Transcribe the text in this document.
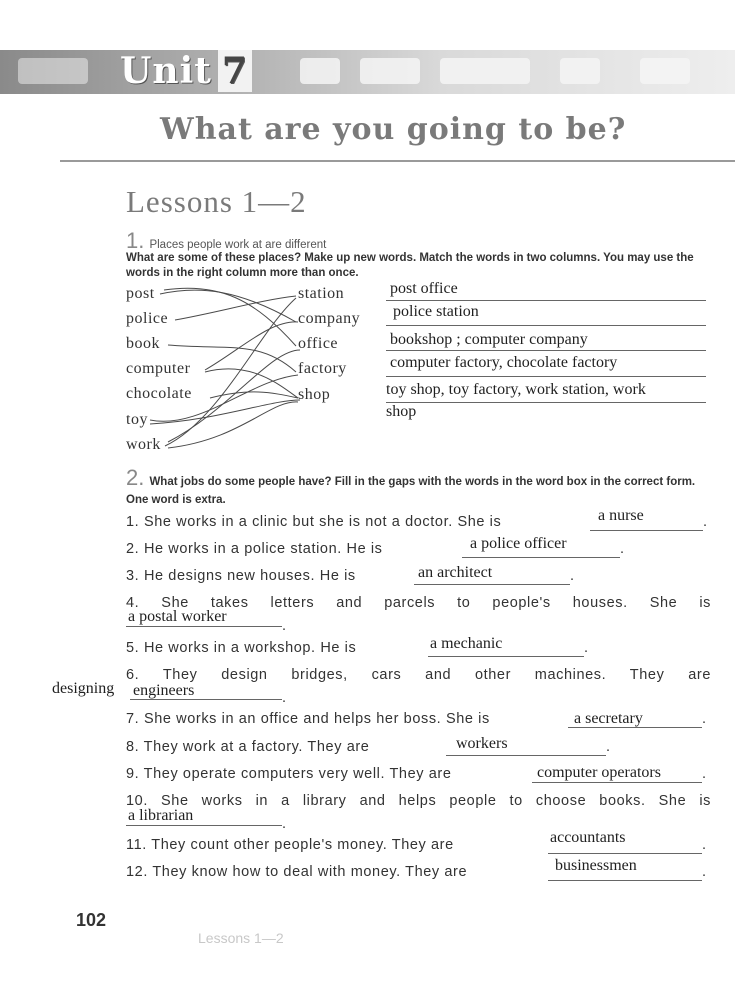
Unit 7
What are you going to be?
Lessons 1—2
1. Places people work at are different
What are some of these places? Make up new words. Match the words in two columns. You may use the words in the right column more than once.
post
police
book
computer
chocolate
toy
work
station
company
office
factory
shop
post office
police station
bookshop ; computer company
computer factory, chocolate factory
toy shop, toy factory, work station, work
shop
2. What jobs do some people have? Fill in the gaps with the words in the word box in the correct form. One word is extra.
1. She works in a clinic but she is not a doctor. She is	a nurse	.
2. He works in a police station. He is	a police officer	.
3. He designs new houses. He is	an architect	.
4. She takes letters and parcels to people's houses. She is
a postal worker
.
5. He works in a workshop. He is	a mechanic	.
6. They design bridges, cars and other machines. They are
designing engineers	.
7. She works in an office and helps her boss. She is	a secretary	.
8. They work at a factory. They are	workers	.
9. They operate computers very well. They are	computer operators	.
10. She works in a library and helps people to choose books. She is
a librarian	.
11. They count other people's money. They are	accountants	.
12. They know how to deal with money. They are	businessmen	.
102
Lessons 1—2
